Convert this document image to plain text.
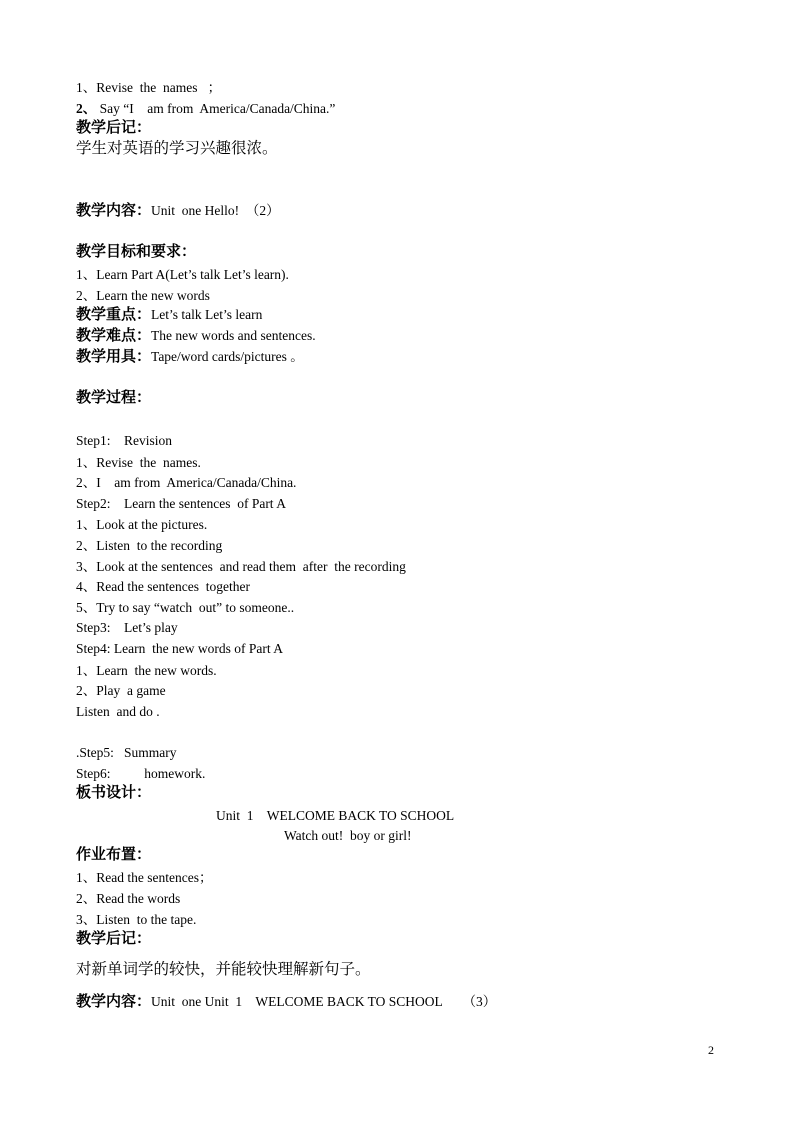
1、Revise  the  names   ；
2、 Say “I    am from  America/Canada/China.”
教学后记：
学生对英语的学习兴趣很浓。
教学内容：Unit  one Hello!  （2）
教学目标和要求：
1、Learn Part A(Let’s talk Let’s learn).
2、Learn the new words
教学重点：Let’s talk Let’s learn
教学难点：The new words and sentences.
教学用具：Tape/word cards/pictures 。
教学过程：
Step1:    Revision
1、Revise  the  names.
2、I    am from  America/Canada/China.
Step2:    Learn the sentences  of Part A
1、Look at the pictures.
2、Listen  to the recording
3、Look at the sentences  and read them  after  the recording
4、Read the sentences  together
5、Try to say “watch  out” to someone..
Step3:    Let’s play
Step4: Learn  the new words of Part A
1、Learn  the new words.
2、Play  a game
Listen  and do .
.Step5:   Summary
Step6:          homework.
板书设计：
Unit  1    WELCOME BACK TO SCHOOL
Watch out!  boy or girl!
作业布置：
1、Read the sentences；
2、Read the words
3、Listen  to the tape.
教学后记：
对新单词学的较快，并能较快理解新句子。
教学内容：Unit  one Unit  1    WELCOME BACK TO SCHOOL      （3）
2
